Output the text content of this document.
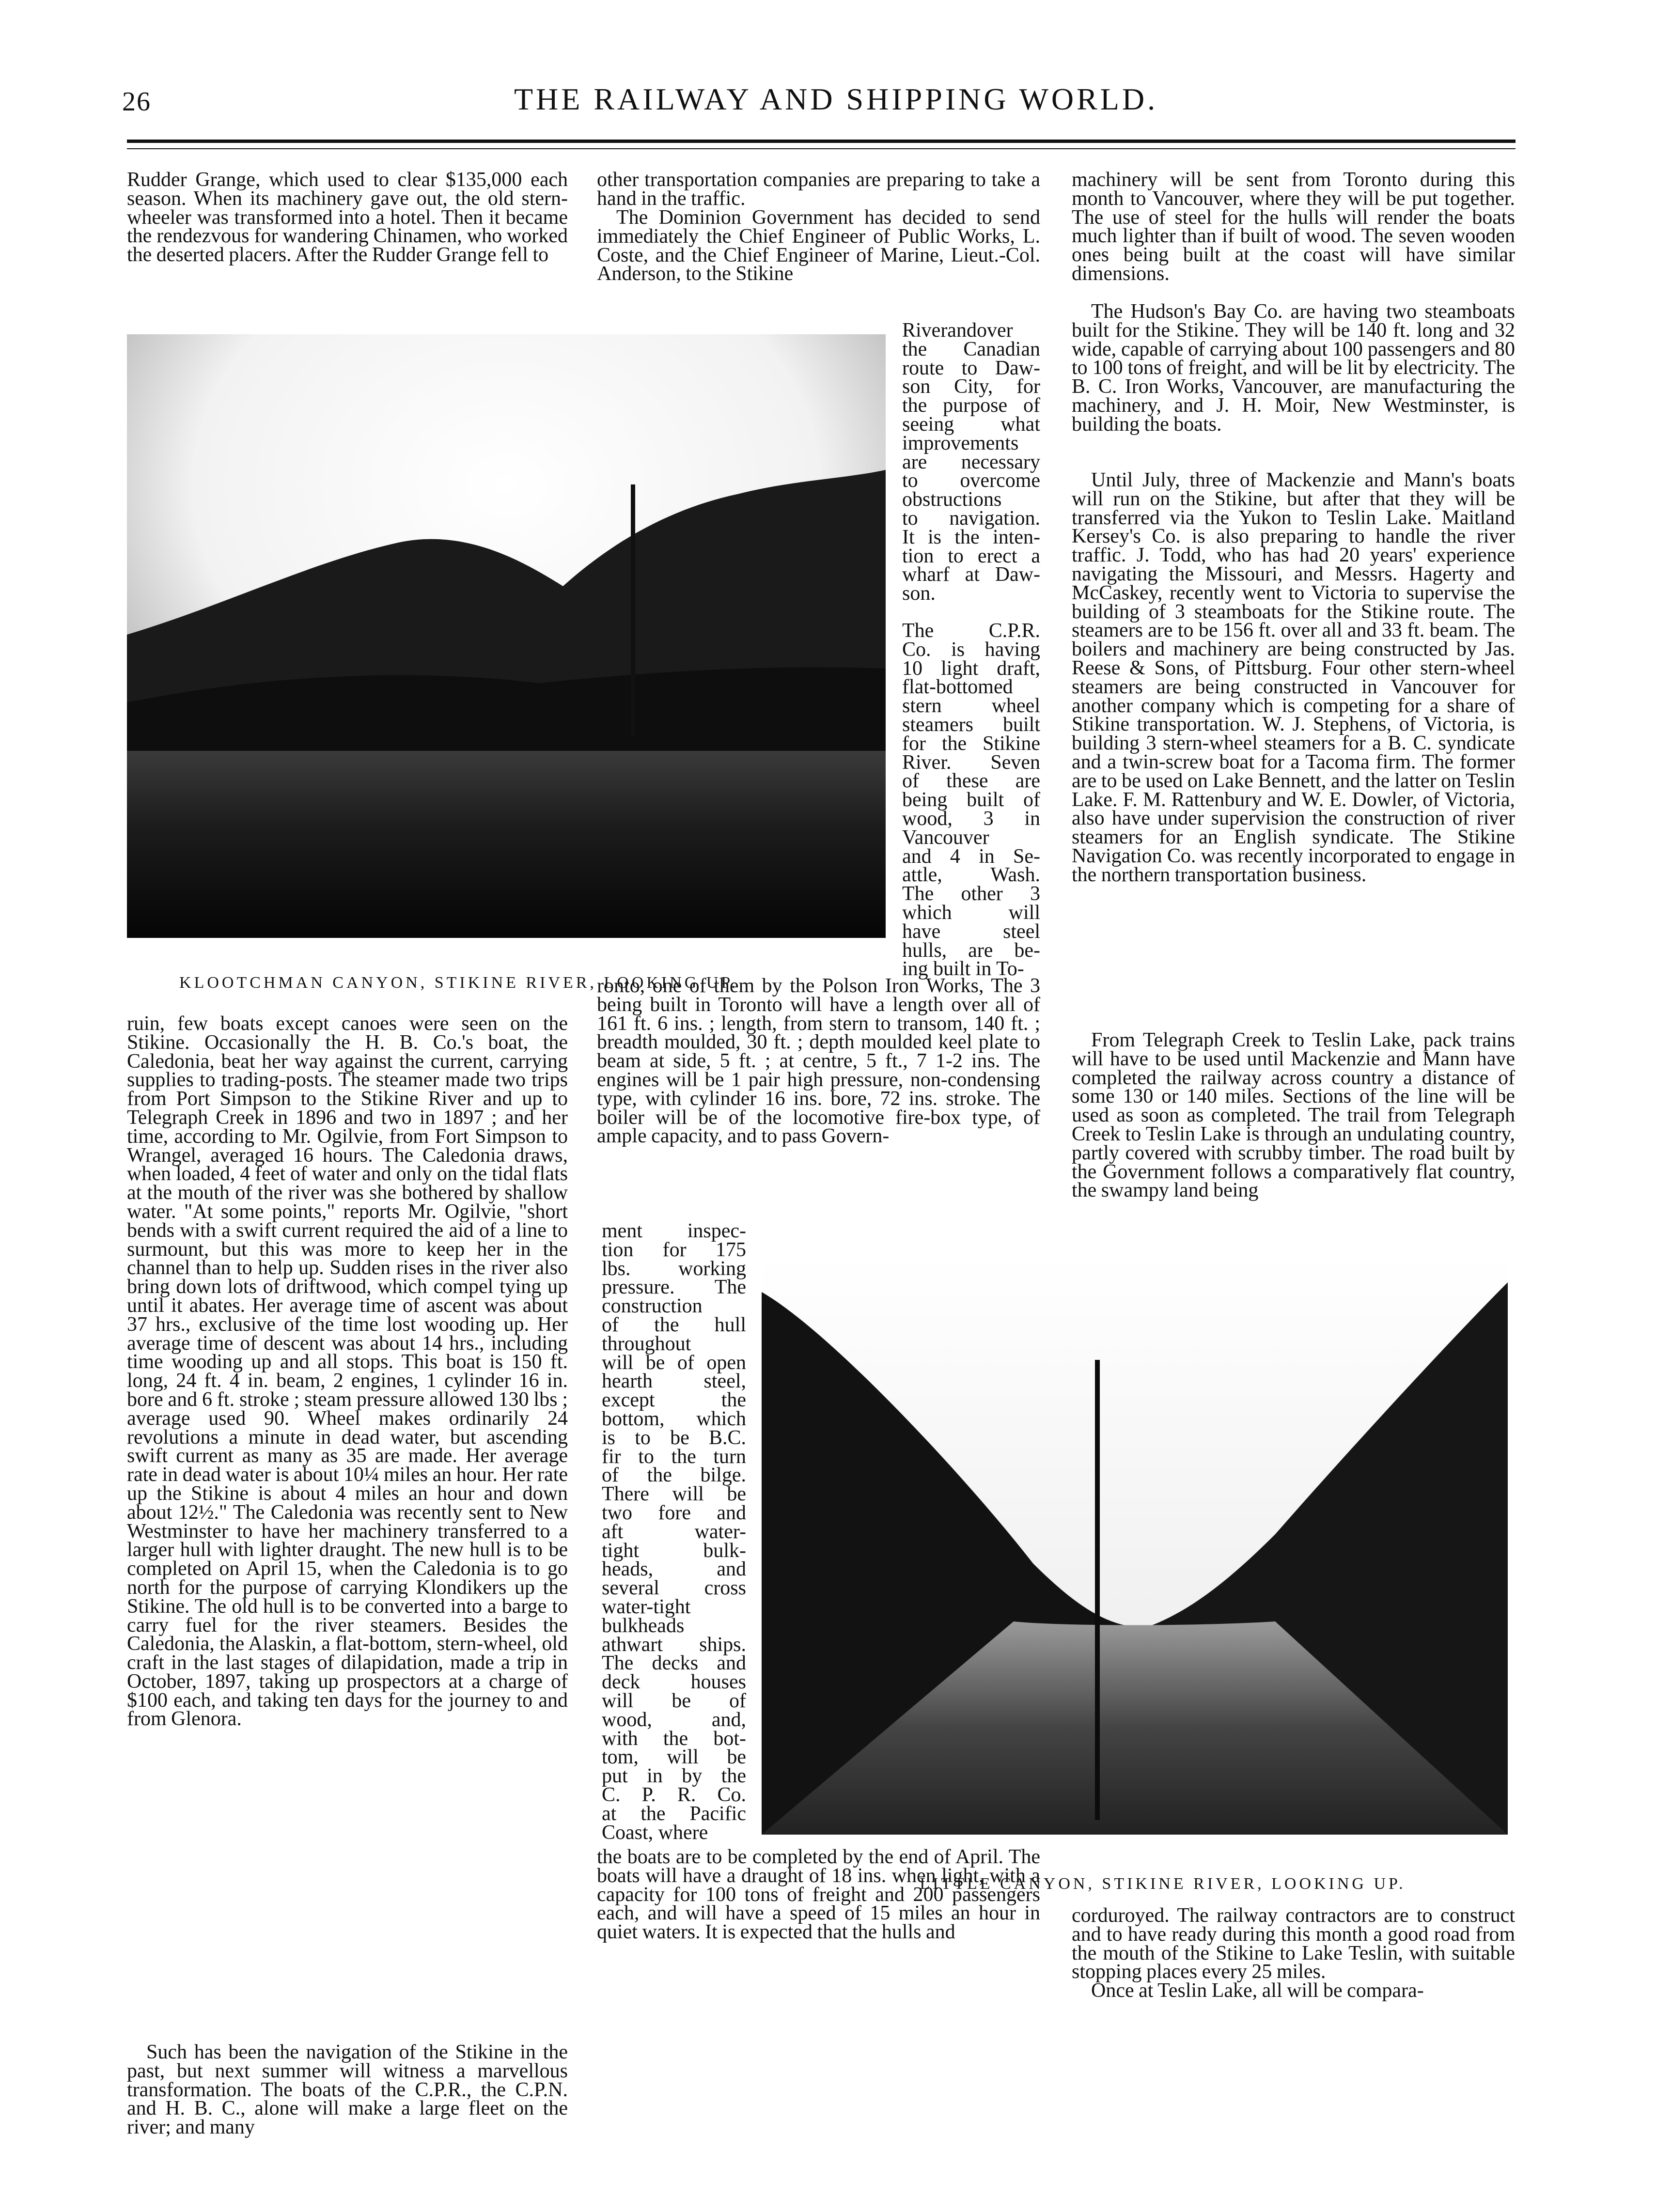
26	THE RAILWAY AND SHIPPING WORLD.

Rudder Grange, which used to clear $135,000 each season. When its machinery gave out, the old stern-wheeler was transformed into a hotel. Then it became the rendezvous for wandering Chinamen, who worked the deserted placers. After the Rudder Grange fell to

ruin, few boats except canoes were seen on the Stikine. Occasionally the H. B. Co.'s boat, the Caledonia, beat her way against the current, carrying supplies to trading-posts. The steamer made two trips from Port Simpson to the Stikine River and up to Telegraph Creek in 1896 and two in 1897 ; and her time, according to Mr. Ogilvie, from Fort Simpson to Wrangel, averaged 16 hours. The Caledonia draws, when loaded, 4 feet of water and only on the tidal flats at the mouth of the river was she bothered by shallow water. "At some points," reports Mr. Ogilvie, "short bends with a swift current required the aid of a line to surmount, but this was more to keep her in the channel than to help up. Sudden rises in the river also bring down lots of driftwood, which compel tying up until it abates. Her average time of ascent was about 37 hrs., exclusive of the time lost wooding up. Her average time of descent was about 14 hrs., including time wooding up and all stops. This boat is 150 ft. long, 24 ft. 4 in. beam, 2 engines, 1 cylinder 16 in. bore and 6 ft. stroke ; steam pressure allowed 130 lbs ; average used 90. Wheel makes ordinarily 24 revolutions a minute in dead water, but ascending swift current as many as 35 are made. Her average rate in dead water is about 10¼ miles an hour. Her rate up the Stikine is about 4 miles an hour and down about 12½." The Caledonia was recently sent to New Westminster to have her machinery transferred to a larger hull with lighter draught. The new hull is to be completed on April 15, when the Caledonia is to go north for the purpose of carrying Klondikers up the Stikine. The old hull is to be converted into a barge to carry fuel for the river steamers. Besides the Caledonia, the Alaskin, a flat-bottom, stern-wheel, old craft in the last stages of dilapidation, made a trip in October, 1897, taking up prospectors at a charge of $100 each, and taking ten days for the journey to and from Glenora.

Such has been the navigation of the Stikine in the past, but next summer will witness a marvellous transformation. The boats of the C.P.R., the C.P.N. and H. B. C., alone will make a large fleet on the river; and many

KLOOTCHMAN CANYON, STIKINE RIVER, LOOKING UP.

other transportation companies are preparing to take a hand in the traffic.

The Dominion Government has decided to send immediately the Chief Engineer of Public Works, L. Coste, and the Chief Engineer of Marine, Lieut.-Col. Anderson, to the Stikine

Riverandover
the Canadian
route to Daw-
son City, for
the purpose of
seeing what
improvements
are necessary
to overcome
obstructions
to navigation.
It is the inten-
tion to erect a
wharf at Daw-
son.
The C.P.R.
Co. is having
10 light draft,
flat-bottomed
stern wheel
steamers built
for the Stikine
River. Seven
of these are
being built of
wood, 3 in
Vancouver
and 4 in Se-
attle, Wash.
The other 3
which will
have steel
hulls, are be-
ing built in To-

ronto, one of them by the Polson Iron Works, The 3 being built in Toronto will have a length over all of 161 ft. 6 ins. ; length, from stern to transom, 140 ft. ; breadth moulded, 30 ft. ; depth moulded keel plate to beam at side, 5 ft. ; at centre, 5 ft., 7 1-2 ins. The engines will be 1 pair high pressure, non-condensing type, with cylinder 16 ins. bore, 72 ins. stroke. The boiler will be of the locomotive fire-box type, of ample capacity, and to pass Govern-

ment inspec-
tion for 175
lbs. working
pressure. The
construction
of the hull
throughout
will be of open
hearth steel,
except the
bottom, which
is to be B.C.
fir to the turn
of the bilge.
There will be
two fore and
aft water-
tight bulk-
heads, and
several cross
water-tight
bulkheads
athwart ships.
The decks and
deck houses
will be of
wood, and,
with the bot-
tom, will be
put in by the
C. P. R. Co.
at the Pacific
Coast, where

the boats are to be completed by the end of April. The boats will have a draught of 18 ins. when light, with a capacity for 100 tons of freight and 200 passengers each, and will have a speed of 15 miles an hour in quiet waters. It is expected that the hulls and

LITTLE CANYON, STIKINE RIVER, LOOKING UP.

machinery will be sent from Toronto during this month to Vancouver, where they will be put together. The use of steel for the hulls will render the boats much lighter than if built of wood. The seven wooden ones being built at the coast will have similar dimensions.

The Hudson's Bay Co. are having two steamboats built for the Stikine. They will be 140 ft. long and 32 wide, capable of carrying about 100 passengers and 80 to 100 tons of freight, and will be lit by electricity. The B. C. Iron Works, Vancouver, are manufacturing the machinery, and J. H. Moir, New Westminster, is building the boats.

Until July, three of Mackenzie and Mann's boats will run on the Stikine, but after that they will be transferred via the Yukon to Teslin Lake. Maitland Kersey's Co. is also preparing to handle the river traffic. J. Todd, who has had 20 years' experience navigating the Missouri, and Messrs. Hagerty and McCaskey, recently went to Victoria to supervise the building of 3 steamboats for the Stikine route. The steamers are to be 156 ft. over all and 33 ft. beam. The boilers and machinery are being constructed by Jas. Reese & Sons, of Pittsburg. Four other stern-wheel steamers are being constructed in Vancouver for another company which is competing for a share of Stikine transportation. W. J. Stephens, of Victoria, is building 3 stern-wheel steamers for a B. C. syndicate and a twin-screw boat for a Tacoma firm. The former are to be used on Lake Bennett, and the latter on Teslin Lake. F. M. Rattenbury and W. E. Dowler, of Victoria, also have under supervision the construction of river steamers for an English syndicate. The Stikine Navigation Co. was recently incorporated to engage in the northern transportation business.

From Telegraph Creek to Teslin Lake, pack trains will have to be used until Mackenzie and Mann have completed the railway across country a distance of some 130 or 140 miles. Sections of the line will be used as soon as completed. The trail from Telegraph Creek to Teslin Lake is through an undulating country, partly covered with scrubby timber. The road built by the Government follows a comparatively flat country, the swampy land being

corduroyed. The railway contractors are to construct and to have ready during this month a good road from the mouth of the Stikine to Lake Teslin, with suitable stopping places every 25 miles.

Once at Teslin Lake, all will be compara-
